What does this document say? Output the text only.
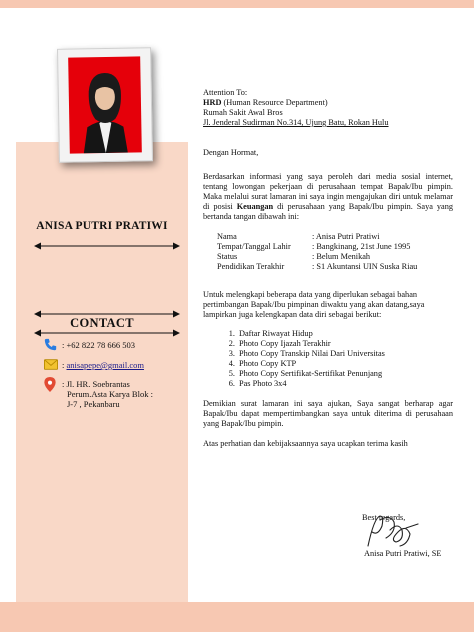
ANISA PUTRI PRATIWI
CONTACT
: +62 822 78 666 503
: anisapepe@gmail.com
: Jl. HR. Soebrantas
Perum.Asta Karya Blok :
J-7 , Pekanbaru

Attention To:

HRD (Human Resource Department)

Rumah Sakit Awal Bros

Jl. Jenderal Sudirman No.314, Ujung Batu, Rokan Hulu

Dengan Hormat,

Berdasarkan informasi yang saya peroleh dari media sosial internet, tentang lowongan pekerjaan di perusahaan tempat Bapak/Ibu pimpin. Maka melalui surat lamaran ini saya ingin mengajukan diri untuk melamar di posisi Keuangan di perusahaan yang Bapak/Ibu pimpin. Saya yang bertanda tangan dibawah ini:

Nama	: Anisa Putri Pratiwi
Tempat/Tanggal Lahir	: Bangkinang, 21st June 1995
Status	: Belum Menikah
Pendidikan Terakhir	: S1 Akuntansi UIN Suska Riau

Untuk melengkapi beberapa data yang diperlukan sebagai bahan pertimbangan Bapak/Ibu pimpinan diwaktu yang akan datang,saya lampirkan juga kelengkapan data diri sebagai berikut:

1. Daftar Riwayat Hidup
2. Photo Copy Ijazah Terakhir
3. Photo Copy Transkip Nilai Dari Universitas
4. Photo Copy KTP
5. Photo Copy Sertifikat-Sertifikat Penunjang
6. Pas Photo 3x4

Demikian surat lamaran ini saya ajukan, Saya sangat berharap agar Bapak/Ibu dapat mempertimbangkan saya untuk diterima di perusahaan yang Bapak/Ibu pimpin.

Atas perhatian dan kebijaksaannya saya ucapkan terima kasih

Best regards,
Anisa Putri Pratiwi, SE
